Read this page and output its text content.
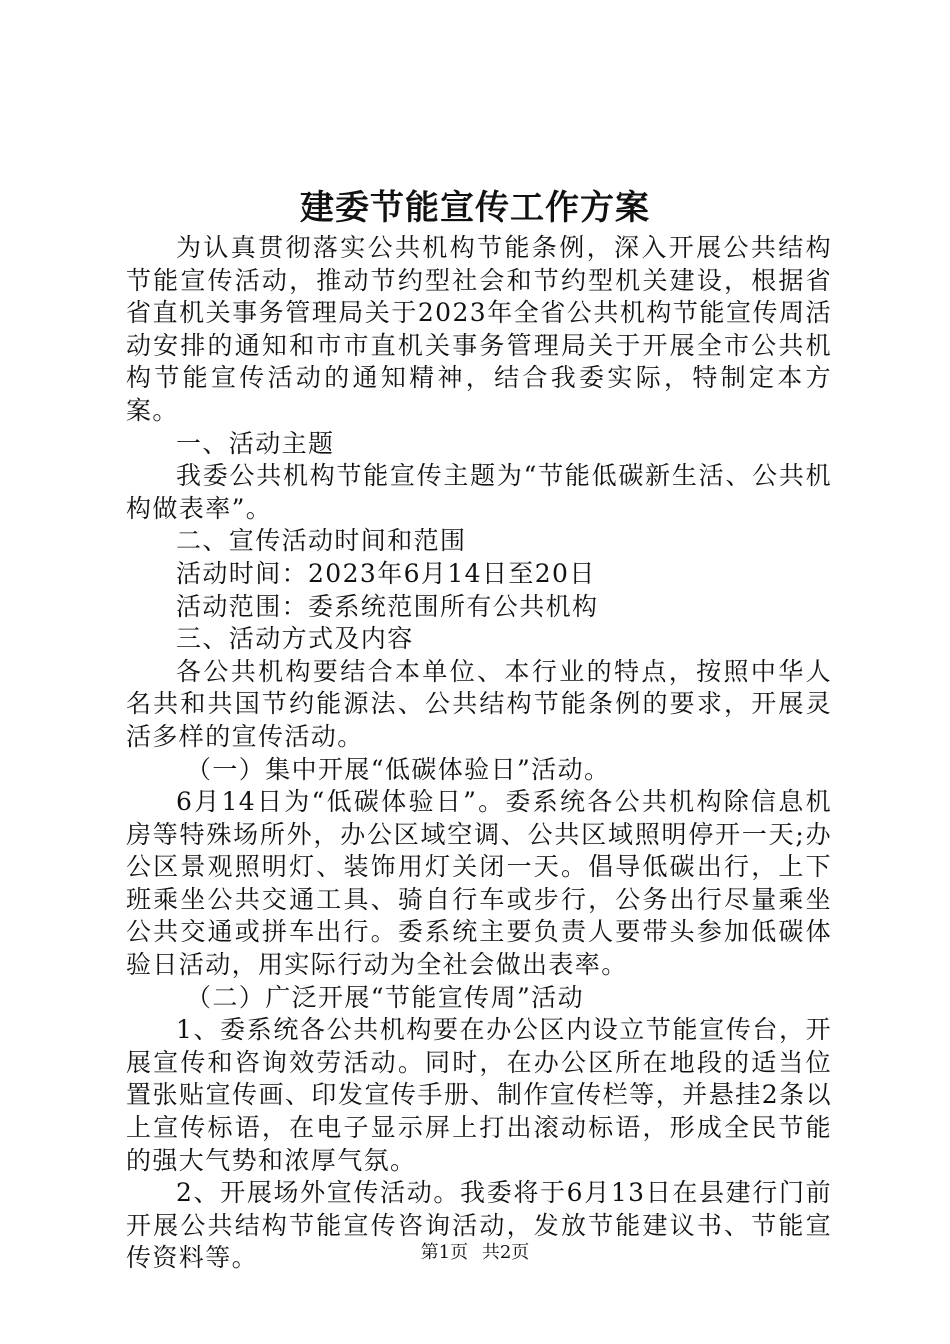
建委节能宣传工作方案

为认真贯彻落实公共机构节能条例，深入开展公共结构节能宣传活动，推动节约型社会和节约型机关建设，根据省省直机关事务管理局关于2023年全省公共机构节能宣传周活动安排的通知和市市直机关事务管理局关于开展全市公共机构节能宣传活动的通知精神，结合我委实际，特制定本方案。

一、活动主题

我委公共机构节能宣传主题为“节能低碳新生活、公共机构做表率”。

二、宣传活动时间和范围

活动时间：2023年6月14日至20日

活动范围：委系统范围所有公共机构

三、活动方式及内容

各公共机构要结合本单位、本行业的特点，按照中华人名共和共国节约能源法、公共结构节能条例的要求，开展灵活多样的宣传活动。

（一）集中开展“低碳体验日”活动。

6月14日为“低碳体验日”。委系统各公共机构除信息机房等特殊场所外，办公区域空调、公共区域照明停开一天;办公区景观照明灯、装饰用灯关闭一天。倡导低碳出行，上下班乘坐公共交通工具、骑自行车或步行，公务出行尽量乘坐公共交通或拼车出行。委系统主要负责人要带头参加低碳体验日活动，用实际行动为全社会做出表率。

（二）广泛开展“节能宣传周”活动

1、委系统各公共机构要在办公区内设立节能宣传台，开展宣传和咨询效劳活动。同时，在办公区所在地段的适当位置张贴宣传画、印发宣传手册、制作宣传栏等，并悬挂2条以上宣传标语，在电子显示屏上打出滚动标语，形成全民节能的强大气势和浓厚气氛。

2、开展场外宣传活动。我委将于6月13日在县建行门前开展公共结构节能宣传咨询活动，发放节能建议书、节能宣传资料等。	第1页 共2页
